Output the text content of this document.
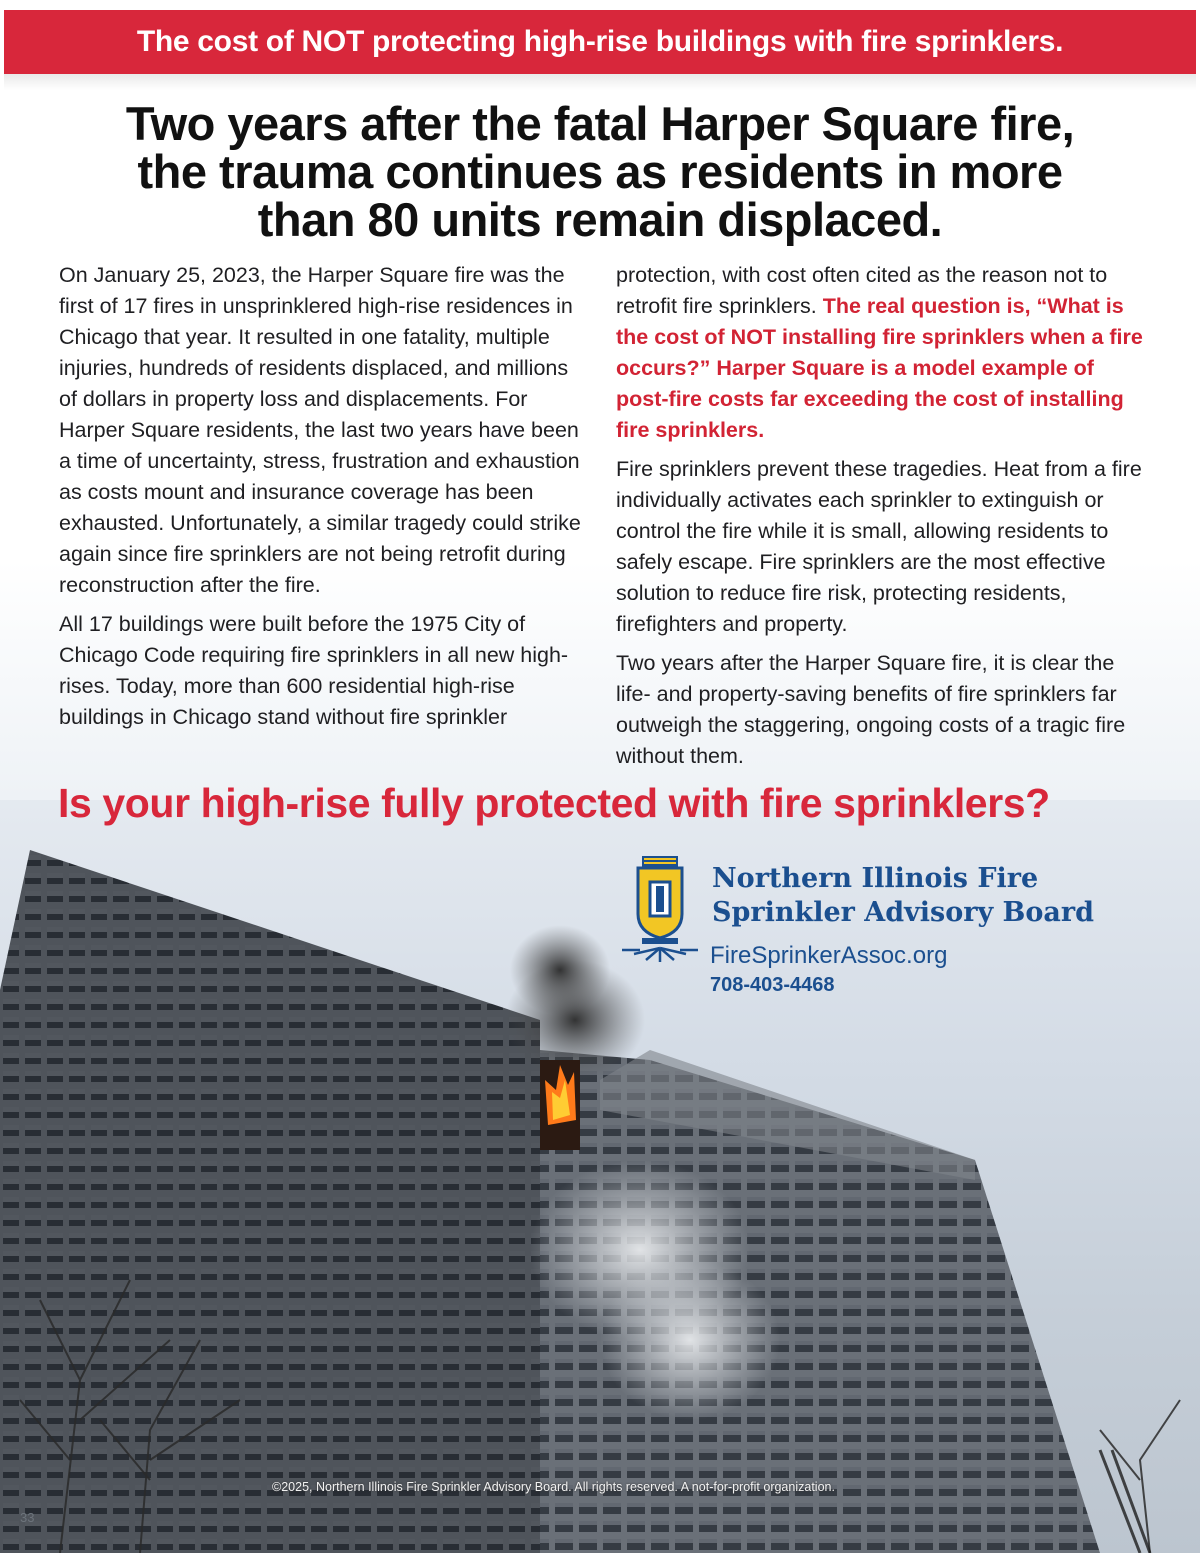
The cost of NOT protecting high-rise buildings with fire sprinklers.
Two years after the fatal Harper Square fire,
the trauma continues as residents in more
than 80 units remain displaced.

On January 25, 2023, the Harper Square fire was the first of 17 fires in unsprinklered high-rise residences in Chicago that year. It resulted in one fatality, multiple injuries, hundreds of residents displaced, and millions of dollars in property loss and displacements. For Harper Square residents, the last two years have been a time of uncertainty, stress, frustration and exhaustion as costs mount and insurance coverage has been exhausted. Unfortunately, a similar tragedy could strike again since fire sprinklers are not being retrofit during reconstruction after the fire.

All 17 buildings were built before the 1975 City of Chicago Code requiring fire sprinklers in all new high-rises. Today, more than 600 residential high-rise buildings in Chicago stand without fire sprinkler

protection, with cost often cited as the reason not to retrofit fire sprinklers. The real question is, “What is the cost of NOT installing fire sprinklers when a fire occurs?” Harper Square is a model example of post-fire costs far exceeding the cost of installing fire sprinklers.

Fire sprinklers prevent these tragedies. Heat from a fire individually activates each sprinkler to extinguish or control the fire while it is small, allowing residents to safely escape. Fire sprinklers are the most effective solution to reduce fire risk, protecting residents, firefighters and property.

Two years after the Harper Square fire, it is clear the life- and property-saving benefits of fire sprinklers far outweigh the staggering, ongoing costs of a tragic fire without them.

Is your high-rise fully protected with fire sprinklers?
Northern Illinois Fire
Sprinkler Advisory Board
FireSprinkerAssoc.org
708-403-4468
©2025, Northern Illinois Fire Sprinkler Advisory Board. All rights reserved. A not-for-profit organization.
33
